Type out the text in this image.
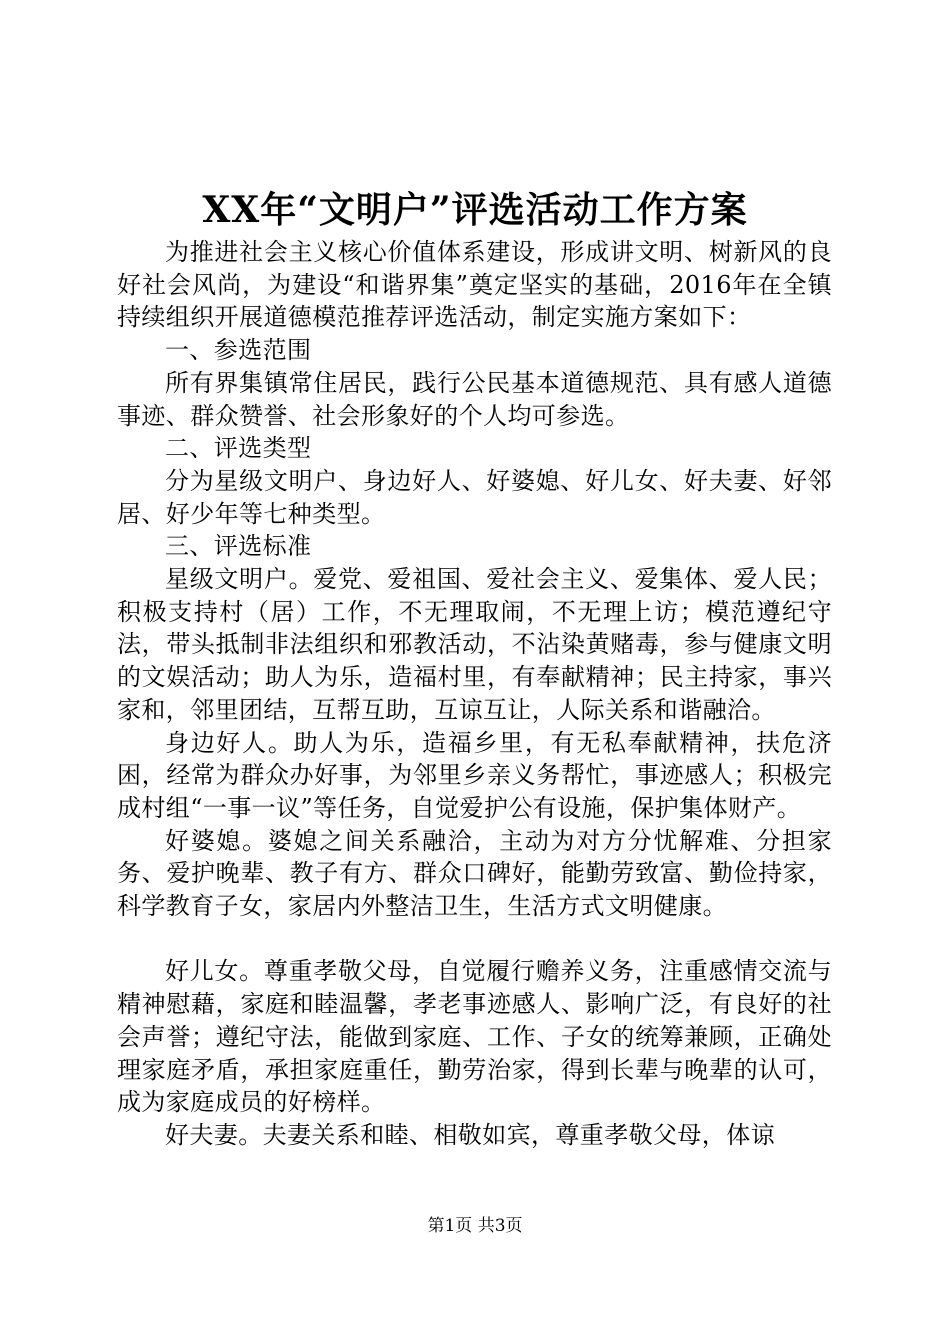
XX年“文明户”评选活动工作方案

为推进社会主义核心价值体系建设，形成讲文明、树新风的良好社会风尚，为建设“和谐界集”奠定坚实的基础，2016年在全镇持续组织开展道德模范推荐评选活动，制定实施方案如下：

一、参选范围

所有界集镇常住居民，践行公民基本道德规范、具有感人道德事迹、群众赞誉、社会形象好的个人均可参选。

二、评选类型

分为星级文明户、身边好人、好婆媳、好儿女、好夫妻、好邻居、好少年等七种类型。

三、评选标准

星级文明户。爱党、爱祖国、爱社会主义、爱集体、爱人民；积极支持村（居）工作，不无理取闹，不无理上访；模范遵纪守法，带头抵制非法组织和邪教活动，不沾染黄赌毒，参与健康文明的文娱活动；助人为乐，造福村里，有奉献精神；民主持家，事兴家和，邻里团结，互帮互助，互谅互让，人际关系和谐融洽。

身边好人。助人为乐，造福乡里，有无私奉献精神，扶危济困，经常为群众办好事，为邻里乡亲义务帮忙，事迹感人；积极完成村组“一事一议”等任务，自觉爱护公有设施，保护集体财产。

好婆媳。婆媳之间关系融洽，主动为对方分忧解难、分担家务、爱护晚辈、教子有方、群众口碑好，能勤劳致富、勤俭持家，科学教育子女，家居内外整洁卫生，生活方式文明健康。

好儿女。尊重孝敬父母，自觉履行赡养义务，注重感情交流与精神慰藉，家庭和睦温馨，孝老事迹感人、影响广泛，有良好的社会声誉；遵纪守法，能做到家庭、工作、子女的统筹兼顾，正确处理家庭矛盾，承担家庭重任，勤劳治家，得到长辈与晚辈的认可，成为家庭成员的好榜样。

好夫妻。夫妻关系和睦、相敬如宾，尊重孝敬父母，体谅

第1页 共3页
